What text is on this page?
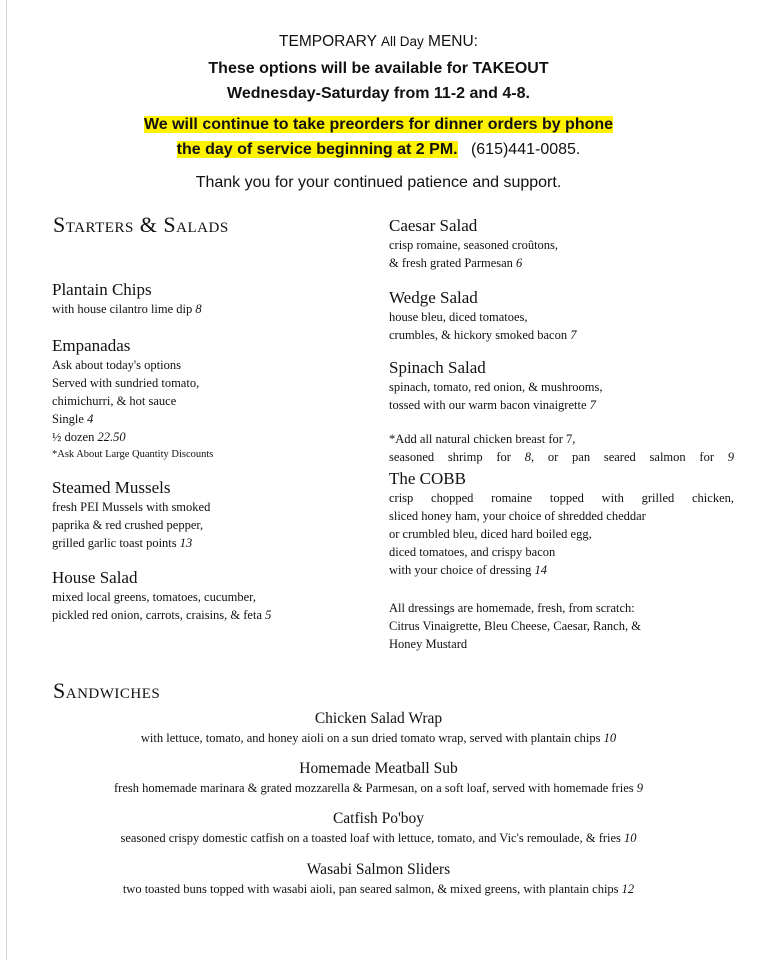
TEMPORARY All Day MENU:
These options will be available for TAKEOUT
Wednesday-Saturday from 11-2 and 4-8.
We will continue to take preorders for dinner orders by phone
the day of service beginning at 2 PM. (615)441-0085.
Thank you for your continued patience and support.
Starters & Salads
Plantain Chips
with house cilantro lime dip 8
Empanadas
Ask about today's options
Served with sundried tomato,
chimichurri, & hot sauce
Single 4
½ dozen 22.50
*Ask About Large Quantity Discounts
Steamed Mussels
fresh PEI Mussels with smoked
paprika & red crushed pepper,
grilled garlic toast points 13
House Salad
mixed local greens, tomatoes, cucumber,
pickled red onion, carrots, craisins, & feta 5
Caesar Salad
crisp romaine, seasoned croûtons,
& fresh grated Parmesan 6
Wedge Salad
house bleu, diced tomatoes,
crumbles, & hickory smoked bacon 7
Spinach Salad
spinach, tomato, red onion, & mushrooms,
tossed with our warm bacon vinaigrette 7
*Add all natural chicken breast for 7,
seasoned shrimp for 8, or pan seared salmon for 9
The COBB
crisp chopped romaine topped with grilled chicken,
sliced honey ham, your choice of shredded cheddar
or crumbled bleu, diced hard boiled egg,
diced tomatoes, and crispy bacon
with your choice of dressing 14
All dressings are homemade, fresh, from scratch:
Citrus Vinaigrette, Bleu Cheese, Caesar, Ranch, &
Honey Mustard
Sandwiches
Chicken Salad Wrap
with lettuce, tomato, and honey aioli on a sun dried tomato wrap, served with plantain chips 10
Homemade Meatball Sub
fresh homemade marinara & grated mozzarella & Parmesan, on a soft loaf, served with homemade fries 9
Catfish Po'boy
seasoned crispy domestic catfish on a toasted loaf with lettuce, tomato, and Vic's remoulade, & fries 10
Wasabi Salmon Sliders
two toasted buns topped with wasabi aioli, pan seared salmon, & mixed greens, with plantain chips 12
